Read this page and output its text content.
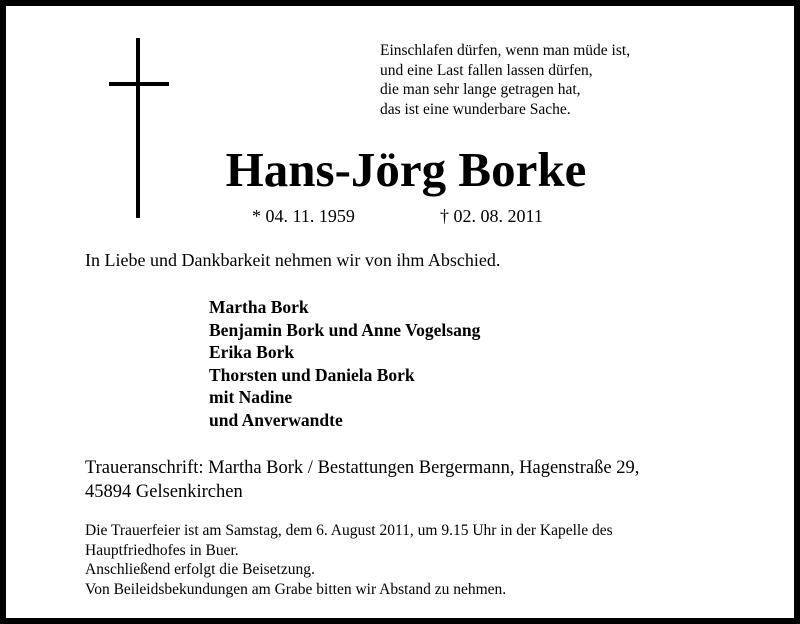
Einschlafen dürfen, wenn man müde ist,
und eine Last fallen lassen dürfen,
die man sehr lange getragen hat,
das ist eine wunderbare Sache.
Hans-Jörg Borke
* 04. 11. 1959	† 02. 08. 2011
In Liebe und Dankbarkeit nehmen wir von ihm Abschied.
Martha Bork
Benjamin Bork und Anne Vogelsang
Erika Bork
Thorsten und Daniela Bork
mit Nadine
und Anverwandte
Traueranschrift: Martha Bork / Bestattungen Bergermann, Hagenstraße 29,
45894 Gelsenkirchen
Die Trauerfeier ist am Samstag, dem 6. August 2011, um 9.15 Uhr in der Kapelle des
Hauptfriedhofes in Buer.
Anschließend erfolgt die Beisetzung.
Von Beileidsbekundungen am Grabe bitten wir Abstand zu nehmen.
